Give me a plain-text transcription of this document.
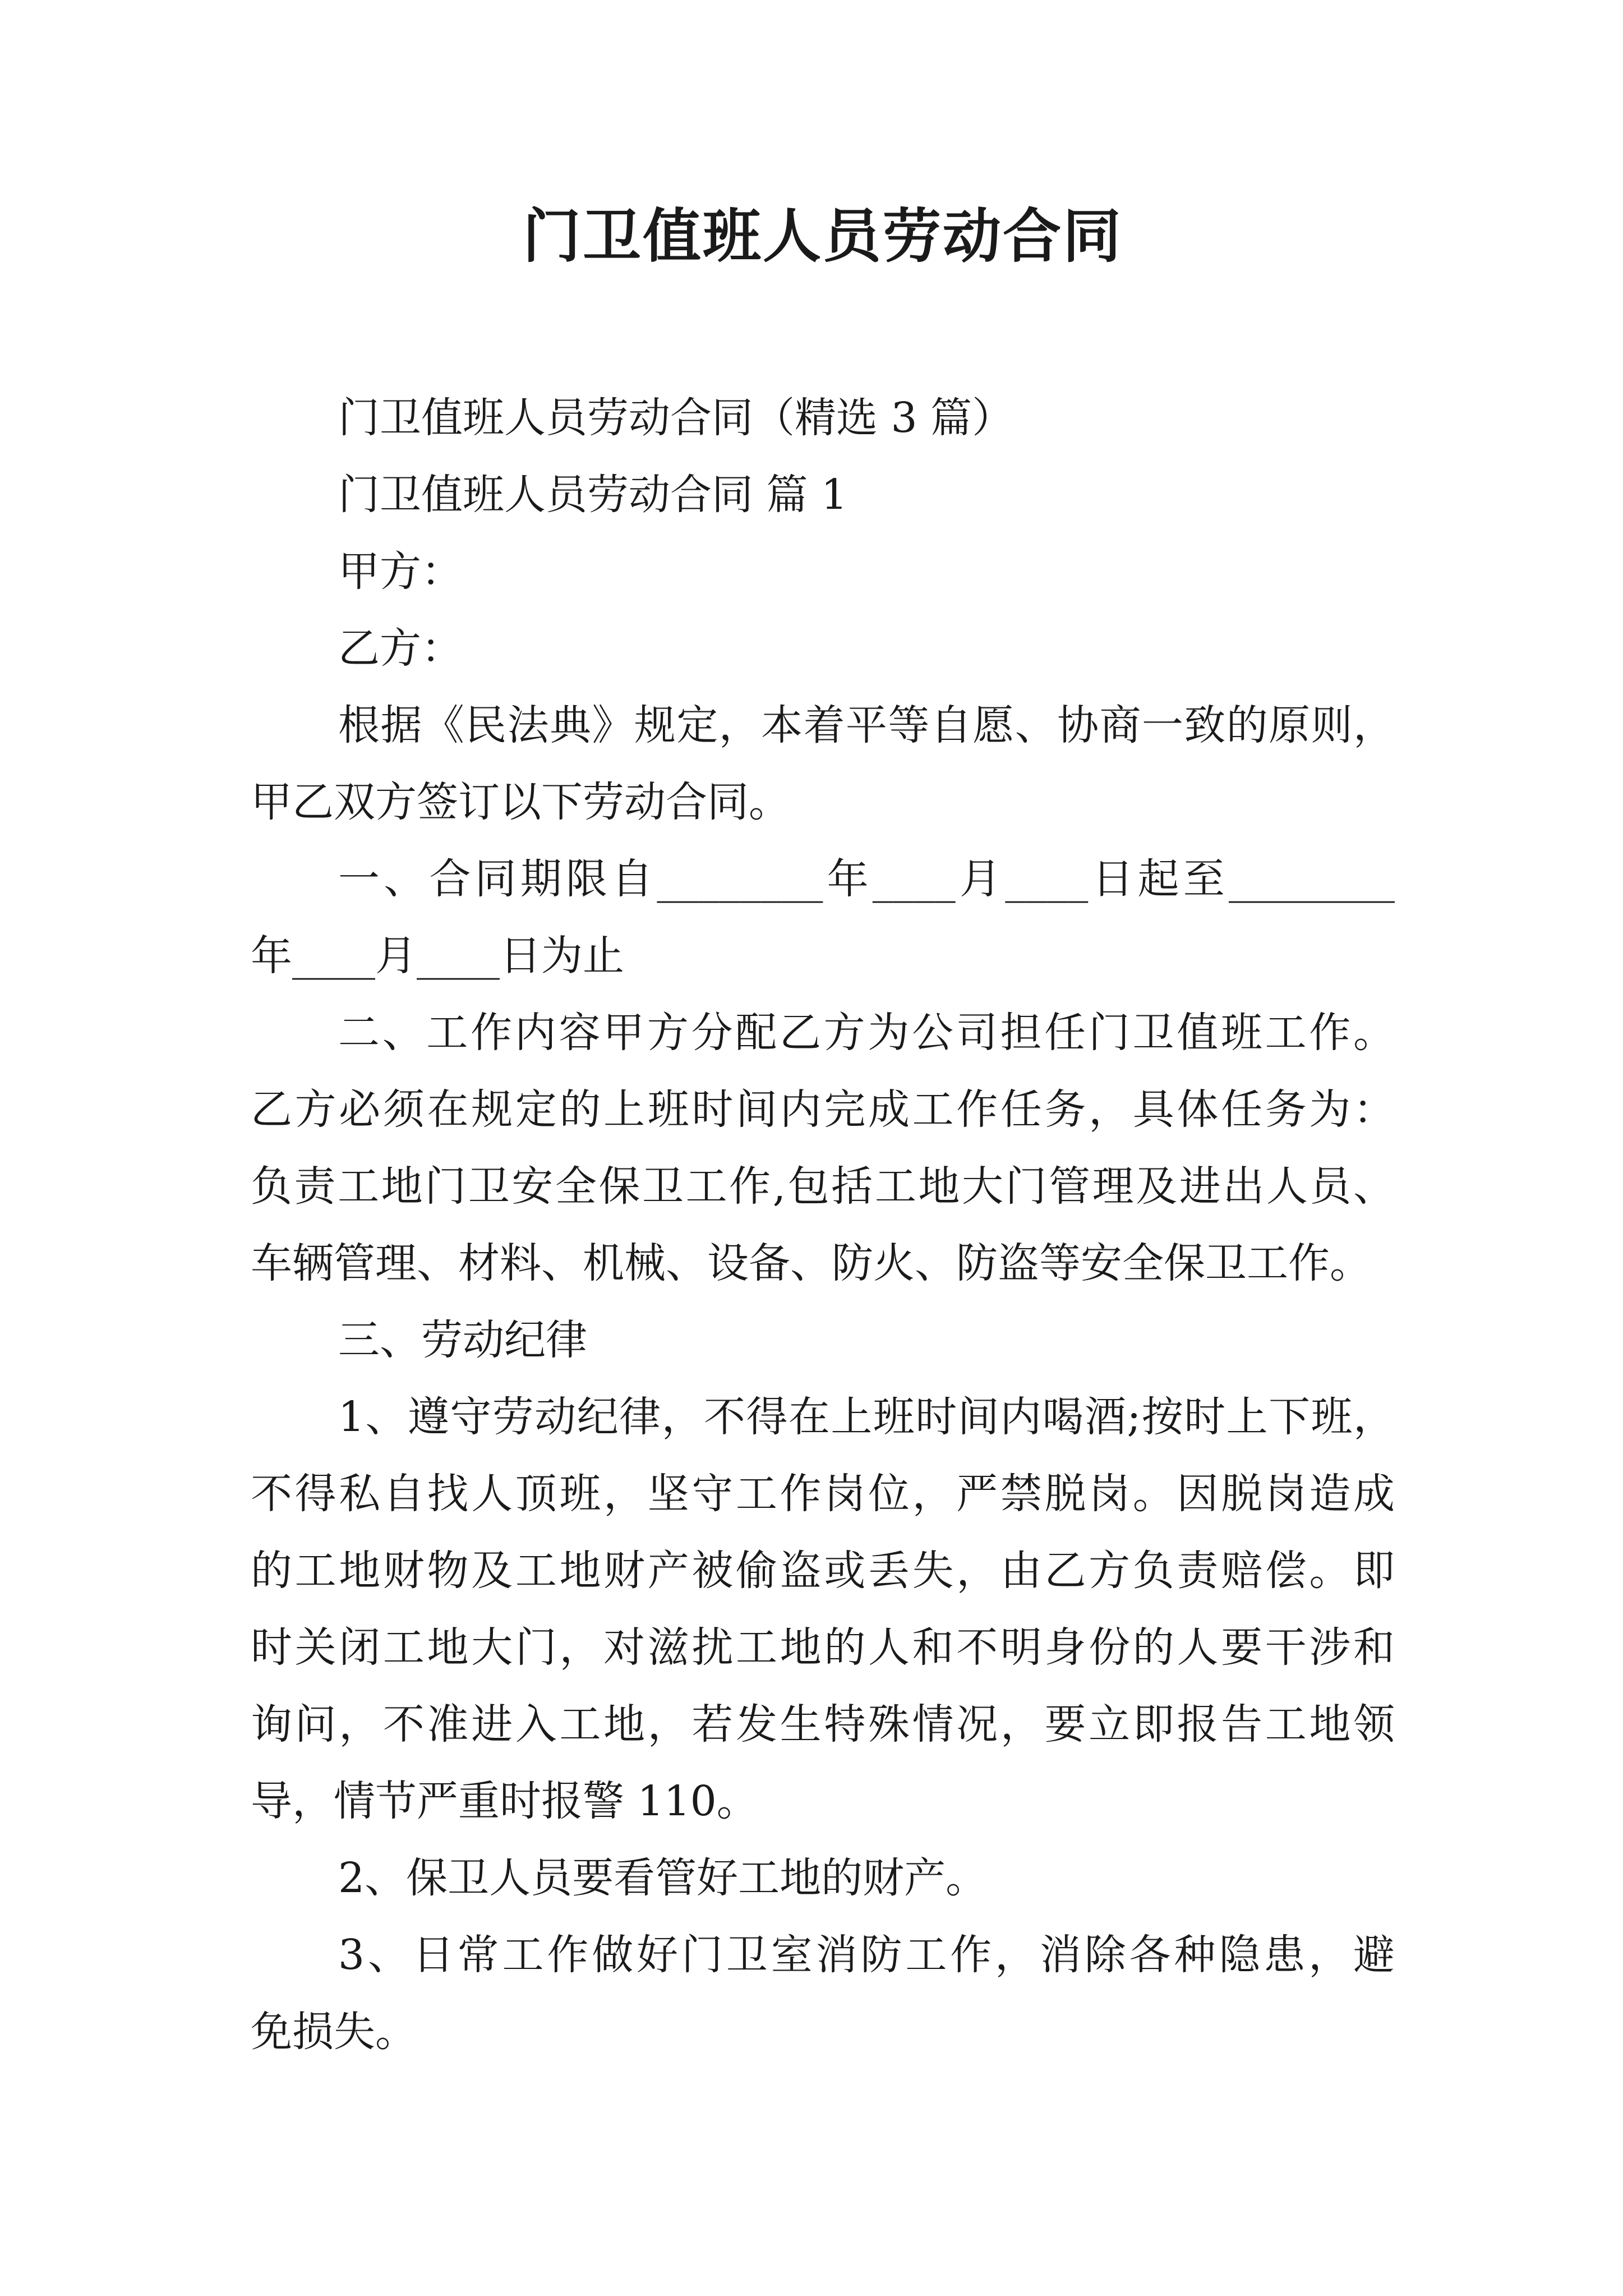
门卫值班人员劳动合同
门卫值班人员劳动合同（精选 3 篇）
门卫值班人员劳动合同 篇 1
甲方：
乙方：
根据《民法典》规定，本着平等自愿、协商一致的原则，
甲乙双方签订以下劳动合同。
一、合同期限自________年____月____日起至________
年____月____日为止
二、工作内容甲方分配乙方为公司担任门卫值班工作。
乙方必须在规定的上班时间内完成工作任务，具体任务为：
负责工地门卫安全保卫工作,包括工地大门管理及进出人员、
车辆管理、材料、机械、设备、防火、防盗等安全保卫工作。
三、劳动纪律
1、遵守劳动纪律，不得在上班时间内喝酒;按时上下班，
不得私自找人顶班，坚守工作岗位，严禁脱岗。因脱岗造成
的工地财物及工地财产被偷盗或丢失，由乙方负责赔偿。即
时关闭工地大门，对滋扰工地的人和不明身份的人要干涉和
询问，不准进入工地，若发生特殊情况，要立即报告工地领
导，情节严重时报警 110。
2、保卫人员要看管好工地的财产。
3、日常工作做好门卫室消防工作，消除各种隐患，避
免损失。
